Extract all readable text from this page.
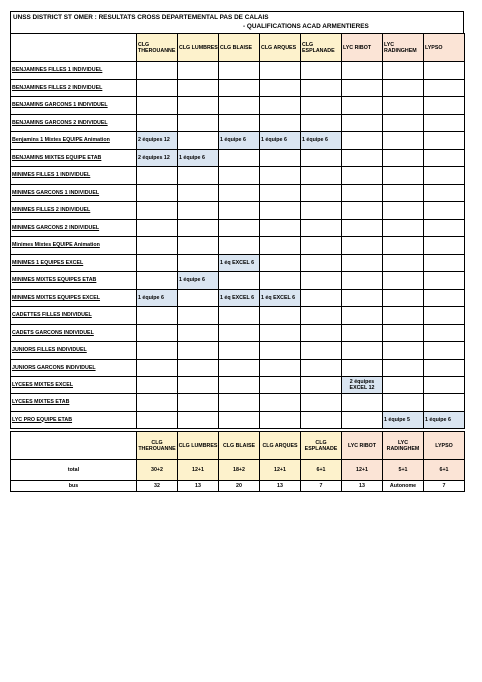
UNSS DISTRICT ST OMER : RESULTATS CROSS DEPARTEMENTAL PAS DE CALAIS
- QUALIFICATIONS ACAD ARMENTIERES
	CLG THEROUANNE	CLG LUMBRES	CLG BLAISE	CLG ARQUES	CLG ESPLANADE	LYC RIBOT	LYC RADINGHEM	LYPSO
BENJAMINES FILLES 1 INDIVIDUEL								
BENJAMINES FILLES 2 INDIVIDUEL								
BENJAMINS GARCONS 1 INDIVIDUEL								
BENJAMINS GARCONS 2 INDIVIDUEL								
Benjamins 1 Mixtes EQUIPE Animation	2 équipes 12		1 équipe 6	1 équipe 6	1 équipe 6			
BENJAMINS MIXTES EQUIPE ETAB	2 équipes 12	1 équipe 6						
MINIMES FILLES 1 INDIVIDUEL								
MINIMES GARCONS 1 INDIVIDUEL								
MINIMES FILLES 2 INDIVIDUEL								
MINIMES GARCONS 2 INDIVIDUEL								
Minimes Mixtes EQUIPE Animation								
MINIMES 1 EQUIPES EXCEL			1 éq EXCEL 6					
MINIMES MIXTES EQUIPES ETAB		1 équipe 6						
MINIMES MIXTES EQUIPES EXCEL	1 équipe 6		1 éq EXCEL 6	1 éq EXCEL 6				
CADETTES FILLES INDIVIDUEL								
CADETS GARCONS INDIVIDUEL								
JUNIORS FILLES INDIVIDUEL								
JUNIORS GARCONS INDIVIDUEL								
LYCEES MIXTES EXCEL						2 équipes EXCEL 12		
LYCEES MIXTES ETAB								
LYC PRO EQUIPE ETAB							1 équipe 5	1 équipe 6
	CLG THEROUANNE	CLG LUMBRES	CLG BLAISE	CLG ARQUES	CLG ESPLANADE	LYC RIBOT	LYC RADINGHEM	LYPSO
total	30+2	12+1	18+2	12+1	6+1	12+1	5+1	6+1
bus	32	13	20	13	7	13	Autonome	7
